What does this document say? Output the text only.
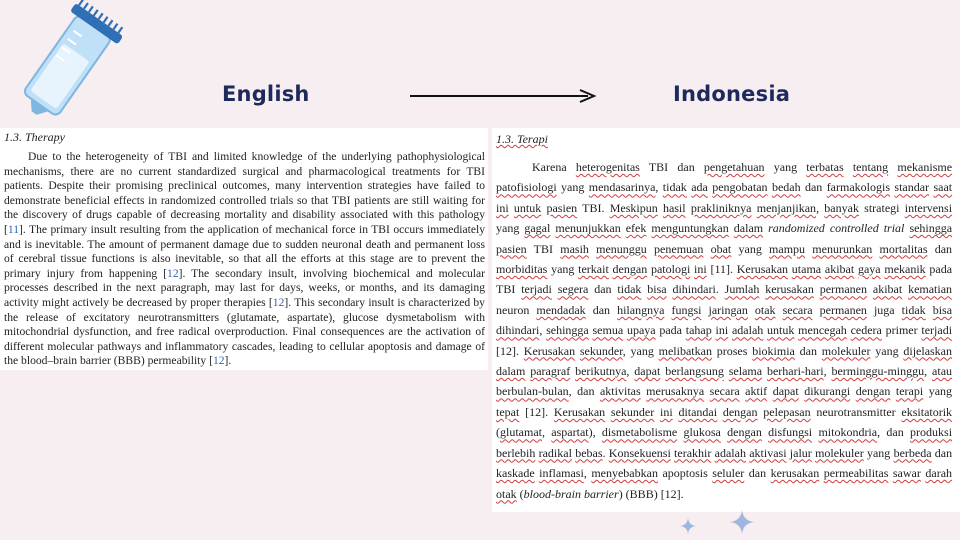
English	Indonesia

1.3. Therapy

Due to the heterogeneity of TBI and limited knowledge of the underlying pathophysiological mechanisms, there are no current standardized surgical and pharmacological treatments for TBI patients. Despite their promising preclinical outcomes, many intervention strategies have failed to demonstrate beneficial effects in randomized controlled trials so that TBI patients are still waiting for the discovery of drugs capable of decreasing mortality and disability associated with this pathology [11]. The primary insult resulting from the application of mechanical force in TBI occurs immediately and is inevitable. The amount of permanent damage due to sudden neuronal death and permanent loss of cerebral tissue functions is also inevitable, so that all the efforts at this stage are to prevent the primary injury from happening [12]. The secondary insult, involving biochemical and molecular processes described in the next paragraph, may last for days, weeks, or months, and its damaging activity might actively be decreased by proper therapies [12]. This secondary insult is characterized by the release of excitatory neurotransmitters (glutamate, aspartate), glucose dysmetabolism with mitochondrial dysfunction, and free radical overproduction. Final consequences are the activation of different molecular pathways and inflammatory cascades, leading to cellular apoptosis and damage of the blood–brain barrier (BBB) permeability [12].

1.3. Terapi

Karena heterogenitas TBI dan pengetahuan yang terbatas tentang mekanisme patofisiologi yang mendasarinya, tidak ada pengobatan bedah dan farmakologis standar saat ini untuk pasien TBI. Meskipun hasil prakliniknya menjanjikan, banyak strategi intervensi yang gagal menunjukkan efek menguntungkan dalam randomized controlled trial sehingga pasien TBI masih menunggu penemuan obat yang mampu menurunkan mortalitas dan morbiditas yang terkait dengan patologi ini [11]. Kerusakan utama akibat gaya mekanik pada TBI terjadi segera dan tidak bisa dihindari. Jumlah kerusakan permanen akibat kematian neuron mendadak dan hilangnya fungsi jaringan otak secara permanen juga tidak bisa dihindari, sehingga semua upaya pada tahap ini adalah untuk mencegah cedera primer terjadi [12]. Kerusakan sekunder, yang melibatkan proses biokimia dan molekuler yang dijelaskan dalam paragraf berikutnya, dapat berlangsung selama berhari-hari, berminggu-minggu, atau berbulan-bulan, dan aktivitas merusaknya secara aktif dapat dikurangi dengan terapi yang tepat [12]. Kerusakan sekunder ini ditandai dengan pelepasan neurotransmitter eksitatorik (glutamat, aspartat), dismetabolisme glukosa dengan disfungsi mitokondria, dan produksi berlebih radikal bebas. Konsekuensi terakhir adalah aktivasi jalur molekuler yang berbeda dan kaskade inflamasi, menyebabkan apoptosis seluler dan kerusakan permeabilitas sawar darah otak (blood-brain barrier) (BBB) [12].
